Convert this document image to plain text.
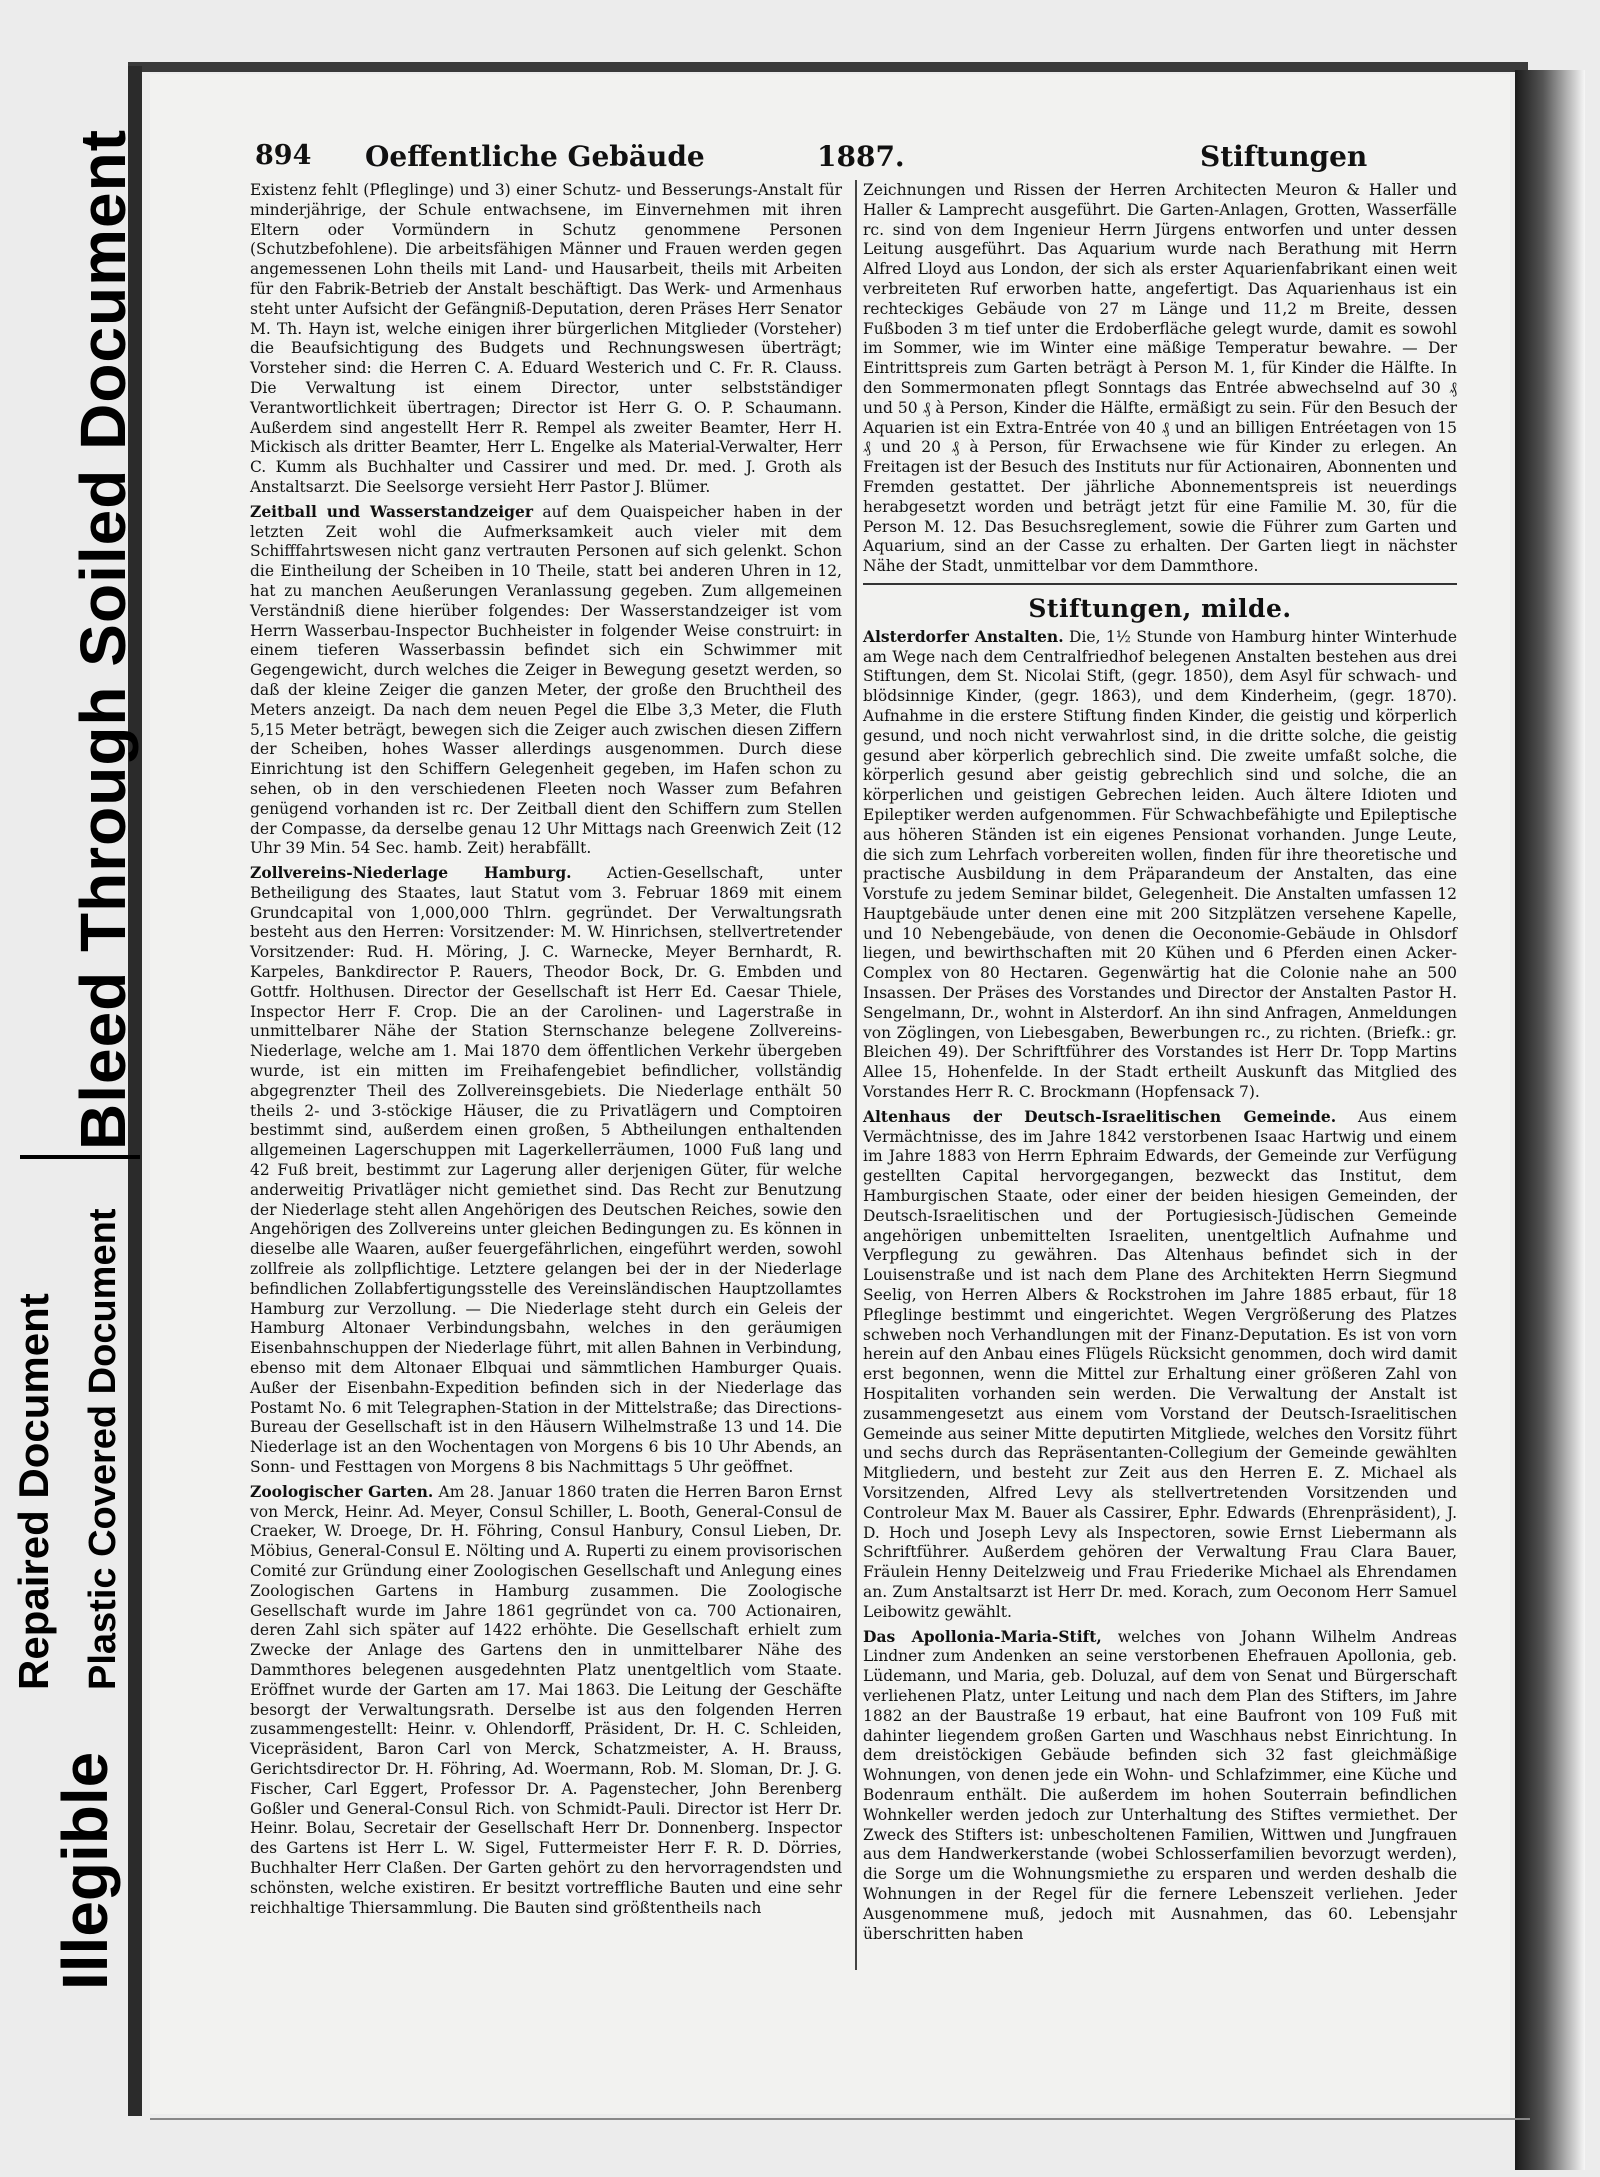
Bleed Through Soiled Document
Plastic Covered Document
Repaired Document
Illegible
894 Oeffentliche Gebäude	1887.	Stiftungen

Existenz fehlt (Pfleglinge) und 3) einer Schutz- und Besserungs-Anstalt für minderjährige, der Schule entwachsene, im Einvernehmen mit ihren Eltern oder Vormündern in Schutz genommene Personen (Schutzbefohlene). Die arbeitsfähigen Männer und Frauen werden gegen angemessenen Lohn theils mit Land- und Hausarbeit, theils mit Arbeiten für den Fabrik-Betrieb der Anstalt beschäftigt. Das Werk- und Armenhaus steht unter Aufsicht der Gefängniß-Deputation, deren Präses Herr Senator M. Th. Hayn ist, welche einigen ihrer bürgerlichen Mitglieder (Vorsteher) die Beaufsichtigung des Budgets und Rechnungswesen überträgt; Vorsteher sind: die Herren C. A. Eduard Westerich und C. Fr. R. Clauss. Die Verwaltung ist einem Director, unter selbstständiger Verantwortlichkeit übertragen; Director ist Herr G. O. P. Schaumann. Außerdem sind angestellt Herr R. Rempel als zweiter Beamter, Herr H. Mickisch als dritter Beamter, Herr L. Engelke als Material-Verwalter, Herr C. Kumm als Buchhalter und Cassirer und med. Dr. med. J. Groth als Anstaltsarzt. Die Seelsorge versieht Herr Pastor J. Blümer.

Zeitball und Wasserstandzeiger auf dem Quaispeicher haben in der letzten Zeit wohl die Aufmerksamkeit auch vieler mit dem Schifffahrtswesen nicht ganz vertrauten Personen auf sich gelenkt. Schon die Eintheilung der Scheiben in 10 Theile, statt bei anderen Uhren in 12, hat zu manchen Aeußerungen Veranlassung gegeben. Zum allgemeinen Verständniß diene hierüber folgendes: Der Wasserstandzeiger ist vom Herrn Wasserbau-Inspector Buchheister in folgender Weise construirt: in einem tieferen Wasserbassin befindet sich ein Schwimmer mit Gegengewicht, durch welches die Zeiger in Bewegung gesetzt werden, so daß der kleine Zeiger die ganzen Meter, der große den Bruchtheil des Meters anzeigt. Da nach dem neuen Pegel die Elbe 3,3 Meter, die Fluth 5,15 Meter beträgt, bewegen sich die Zeiger auch zwischen diesen Ziffern der Scheiben, hohes Wasser allerdings ausgenommen. Durch diese Einrichtung ist den Schiffern Gelegenheit gegeben, im Hafen schon zu sehen, ob in den verschiedenen Fleeten noch Wasser zum Befahren genügend vorhanden ist rc. Der Zeitball dient den Schiffern zum Stellen der Compasse, da derselbe genau 12 Uhr Mittags nach Greenwich Zeit (12 Uhr 39 Min. 54 Sec. hamb. Zeit) herabfällt.

Zollvereins-Niederlage Hamburg. Actien-Gesellschaft, unter Betheiligung des Staates, laut Statut vom 3. Februar 1869 mit einem Grundcapital von 1,000,000 Thlrn. gegründet. Der Verwaltungsrath besteht aus den Herren: Vorsitzender: M. W. Hinrichsen, stellvertretender Vorsitzender: Rud. H. Möring, J. C. Warnecke, Meyer Bernhardt, R. Karpeles, Bankdirector P. Rauers, Theodor Bock, Dr. G. Embden und Gottfr. Holthusen. Director der Gesellschaft ist Herr Ed. Caesar Thiele, Inspector Herr F. Crop. Die an der Carolinen- und Lagerstraße in unmittelbarer Nähe der Station Sternschanze belegene Zollvereins-Niederlage, welche am 1. Mai 1870 dem öffentlichen Verkehr übergeben wurde, ist ein mitten im Freihafengebiet befindlicher, vollständig abgegrenzter Theil des Zollvereinsgebiets. Die Niederlage enthält 50 theils 2- und 3-stöckige Häuser, die zu Privatlägern und Comptoiren bestimmt sind, außerdem einen großen, 5 Abtheilungen enthaltenden allgemeinen Lagerschuppen mit Lagerkellerräumen, 1000 Fuß lang und 42 Fuß breit, bestimmt zur Lagerung aller derjenigen Güter, für welche anderweitig Privatläger nicht gemiethet sind. Das Recht zur Benutzung der Niederlage steht allen Angehörigen des Deutschen Reiches, sowie den Angehörigen des Zollvereins unter gleichen Bedingungen zu. Es können in dieselbe alle Waaren, außer feuergefährlichen, eingeführt werden, sowohl zollfreie als zollpflichtige. Letztere gelangen bei der in der Niederlage befindlichen Zollabfertigungsstelle des Vereinsländischen Hauptzollamtes Hamburg zur Verzollung. — Die Niederlage steht durch ein Geleis der Hamburg Altonaer Verbindungsbahn, welches in den geräumigen Eisenbahnschuppen der Niederlage führt, mit allen Bahnen in Verbindung, ebenso mit dem Altonaer Elbquai und sämmtlichen Hamburger Quais. Außer der Eisenbahn-Expedition befinden sich in der Niederlage das Postamt No. 6 mit Telegraphen-Station in der Mittelstraße; das Directions-Bureau der Gesellschaft ist in den Häusern Wilhelmstraße 13 und 14. Die Niederlage ist an den Wochentagen von Morgens 6 bis 10 Uhr Abends, an Sonn- und Festtagen von Morgens 8 bis Nachmittags 5 Uhr geöffnet.

Zoologischer Garten. Am 28. Januar 1860 traten die Herren Baron Ernst von Merck, Heinr. Ad. Meyer, Consul Schiller, L. Booth, General-Consul de Craeker, W. Droege, Dr. H. Föhring, Consul Hanbury, Consul Lieben, Dr. Möbius, General-Consul E. Nölting und A. Ruperti zu einem provisorischen Comité zur Gründung einer Zoologischen Gesellschaft und Anlegung eines Zoologischen Gartens in Hamburg zusammen. Die Zoologische Gesellschaft wurde im Jahre 1861 gegründet von ca. 700 Actionairen, deren Zahl sich später auf 1422 erhöhte. Die Gesellschaft erhielt zum Zwecke der Anlage des Gartens den in unmittelbarer Nähe des Dammthores belegenen ausgedehnten Platz unentgeltlich vom Staate. Eröffnet wurde der Garten am 17. Mai 1863. Die Leitung der Geschäfte besorgt der Verwaltungsrath. Derselbe ist aus den folgenden Herren zusammengestellt: Heinr. v. Ohlendorff, Präsident, Dr. H. C. Schleiden, Vicepräsident, Baron Carl von Merck, Schatzmeister, A. H. Brauss, Gerichtsdirector Dr. H. Föhring, Ad. Woermann, Rob. M. Sloman, Dr. J. G. Fischer, Carl Eggert, Professor Dr. A. Pagenstecher, John Berenberg Goßler und General-Consul Rich. von Schmidt-Pauli. Director ist Herr Dr. Heinr. Bolau, Secretair der Gesellschaft Herr Dr. Donnenberg. Inspector des Gartens ist Herr L. W. Sigel, Futtermeister Herr F. R. D. Dörries, Buchhalter Herr Claßen. Der Garten gehört zu den hervorragendsten und schönsten, welche existiren. Er besitzt vortreffliche Bauten und eine sehr reichhaltige Thiersammlung. Die Bauten sind größtentheils nach

Zeichnungen und Rissen der Herren Architecten Meuron & Haller und Haller & Lamprecht ausgeführt. Die Garten-Anlagen, Grotten, Wasserfälle rc. sind von dem Ingenieur Herrn Jürgens entworfen und unter dessen Leitung ausgeführt. Das Aquarium wurde nach Berathung mit Herrn Alfred Lloyd aus London, der sich als erster Aquarienfabrikant einen weit verbreiteten Ruf erworben hatte, angefertigt. Das Aquarienhaus ist ein rechteckiges Gebäude von 27 m Länge und 11,2 m Breite, dessen Fußboden 3 m tief unter die Erdoberfläche gelegt wurde, damit es sowohl im Sommer, wie im Winter eine mäßige Temperatur bewahre. — Der Eintrittspreis zum Garten beträgt à Person M. 1, für Kinder die Hälfte. In den Sommermonaten pflegt Sonntags das Entrée abwechselnd auf 30 ₰ und 50 ₰ à Person, Kinder die Hälfte, ermäßigt zu sein. Für den Besuch der Aquarien ist ein Extra-Entrée von 40 ₰ und an billigen Entréetagen von 15 ₰ und 20 ₰ à Person, für Erwachsene wie für Kinder zu erlegen. An Freitagen ist der Besuch des Instituts nur für Actionairen, Abonnenten und Fremden gestattet. Der jährliche Abonnementspreis ist neuerdings herabgesetzt worden und beträgt jetzt für eine Familie M. 30, für die Person M. 12. Das Besuchsreglement, sowie die Führer zum Garten und Aquarium, sind an der Casse zu erhalten. Der Garten liegt in nächster Nähe der Stadt, unmittelbar vor dem Dammthore.

Stiftungen, milde.

Alsterdorfer Anstalten. Die, 1½ Stunde von Hamburg hinter Winterhude am Wege nach dem Centralfriedhof belegenen Anstalten bestehen aus drei Stiftungen, dem St. Nicolai Stift, (gegr. 1850), dem Asyl für schwach- und blödsinnige Kinder, (gegr. 1863), und dem Kinderheim, (gegr. 1870). Aufnahme in die erstere Stiftung finden Kinder, die geistig und körperlich gesund, und noch nicht verwahrlost sind, in die dritte solche, die geistig gesund aber körperlich gebrechlich sind. Die zweite umfaßt solche, die körperlich gesund aber geistig gebrechlich sind und solche, die an körperlichen und geistigen Gebrechen leiden. Auch ältere Idioten und Epileptiker werden aufgenommen. Für Schwachbefähigte und Epileptische aus höheren Ständen ist ein eigenes Pensionat vorhanden. Junge Leute, die sich zum Lehrfach vorbereiten wollen, finden für ihre theoretische und practische Ausbildung in dem Präparandeum der Anstalten, das eine Vorstufe zu jedem Seminar bildet, Gelegenheit. Die Anstalten umfassen 12 Hauptgebäude unter denen eine mit 200 Sitzplätzen versehene Kapelle, und 10 Nebengebäude, von denen die Oeconomie-Gebäude in Ohlsdorf liegen, und bewirthschaften mit 20 Kühen und 6 Pferden einen Acker-Complex von 80 Hectaren. Gegenwärtig hat die Colonie nahe an 500 Insassen. Der Präses des Vorstandes und Director der Anstalten Pastor H. Sengelmann, Dr., wohnt in Alsterdorf. An ihn sind Anfragen, Anmeldungen von Zöglingen, von Liebesgaben, Bewerbungen rc., zu richten. (Briefk.: gr. Bleichen 49). Der Schriftführer des Vorstandes ist Herr Dr. Topp Martins Allee 15, Hohenfelde. In der Stadt ertheilt Auskunft das Mitglied des Vorstandes Herr R. C. Brockmann (Hopfensack 7).

Altenhaus der Deutsch-Israelitischen Gemeinde. Aus einem Vermächtnisse, des im Jahre 1842 verstorbenen Isaac Hartwig und einem im Jahre 1883 von Herrn Ephraim Edwards, der Gemeinde zur Verfügung gestellten Capital hervorgegangen, bezweckt das Institut, dem Hamburgischen Staate, oder einer der beiden hiesigen Gemeinden, der Deutsch-Israelitischen und der Portugiesisch-Jüdischen Gemeinde angehörigen unbemittelten Israeliten, unentgeltlich Aufnahme und Verpflegung zu gewähren. Das Altenhaus befindet sich in der Louisenstraße und ist nach dem Plane des Architekten Herrn Siegmund Seelig, von Herren Albers & Rockstrohen im Jahre 1885 erbaut, für 18 Pfleglinge bestimmt und eingerichtet. Wegen Vergrößerung des Platzes schweben noch Verhandlungen mit der Finanz-Deputation. Es ist von vorn herein auf den Anbau eines Flügels Rücksicht genommen, doch wird damit erst begonnen, wenn die Mittel zur Erhaltung einer größeren Zahl von Hospitaliten vorhanden sein werden. Die Verwaltung der Anstalt ist zusammengesetzt aus einem vom Vorstand der Deutsch-Israelitischen Gemeinde aus seiner Mitte deputirten Mitgliede, welches den Vorsitz führt und sechs durch das Repräsentanten-Collegium der Gemeinde gewählten Mitgliedern, und besteht zur Zeit aus den Herren E. Z. Michael als Vorsitzenden, Alfred Levy als stellvertretenden Vorsitzenden und Controleur Max M. Bauer als Cassirer, Ephr. Edwards (Ehrenpräsident), J. D. Hoch und Joseph Levy als Inspectoren, sowie Ernst Liebermann als Schriftführer. Außerdem gehören der Verwaltung Frau Clara Bauer, Fräulein Henny Deitelzweig und Frau Friederike Michael als Ehrendamen an. Zum Anstaltsarzt ist Herr Dr. med. Korach, zum Oeconom Herr Samuel Leibowitz gewählt.

Das Apollonia-Maria-Stift, welches von Johann Wilhelm Andreas Lindner zum Andenken an seine verstorbenen Ehefrauen Apollonia, geb. Lüdemann, und Maria, geb. Doluzal, auf dem von Senat und Bürgerschaft verliehenen Platz, unter Leitung und nach dem Plan des Stifters, im Jahre 1882 an der Baustraße 19 erbaut, hat eine Baufront von 109 Fuß mit dahinter liegendem großen Garten und Waschhaus nebst Einrichtung. In dem dreistöckigen Gebäude befinden sich 32 fast gleichmäßige Wohnungen, von denen jede ein Wohn- und Schlafzimmer, eine Küche und Bodenraum enthält. Die außerdem im hohen Souterrain befindlichen Wohnkeller werden jedoch zur Unterhaltung des Stiftes vermiethet. Der Zweck des Stifters ist: unbescholtenen Familien, Wittwen und Jungfrauen aus dem Handwerkerstande (wobei Schlosserfamilien bevorzugt werden), die Sorge um die Wohnungsmiethe zu ersparen und werden deshalb die Wohnungen in der Regel für die fernere Lebenszeit verliehen. Jeder Ausgenommene muß, jedoch mit Ausnahmen, das 60. Lebensjahr überschritten haben
